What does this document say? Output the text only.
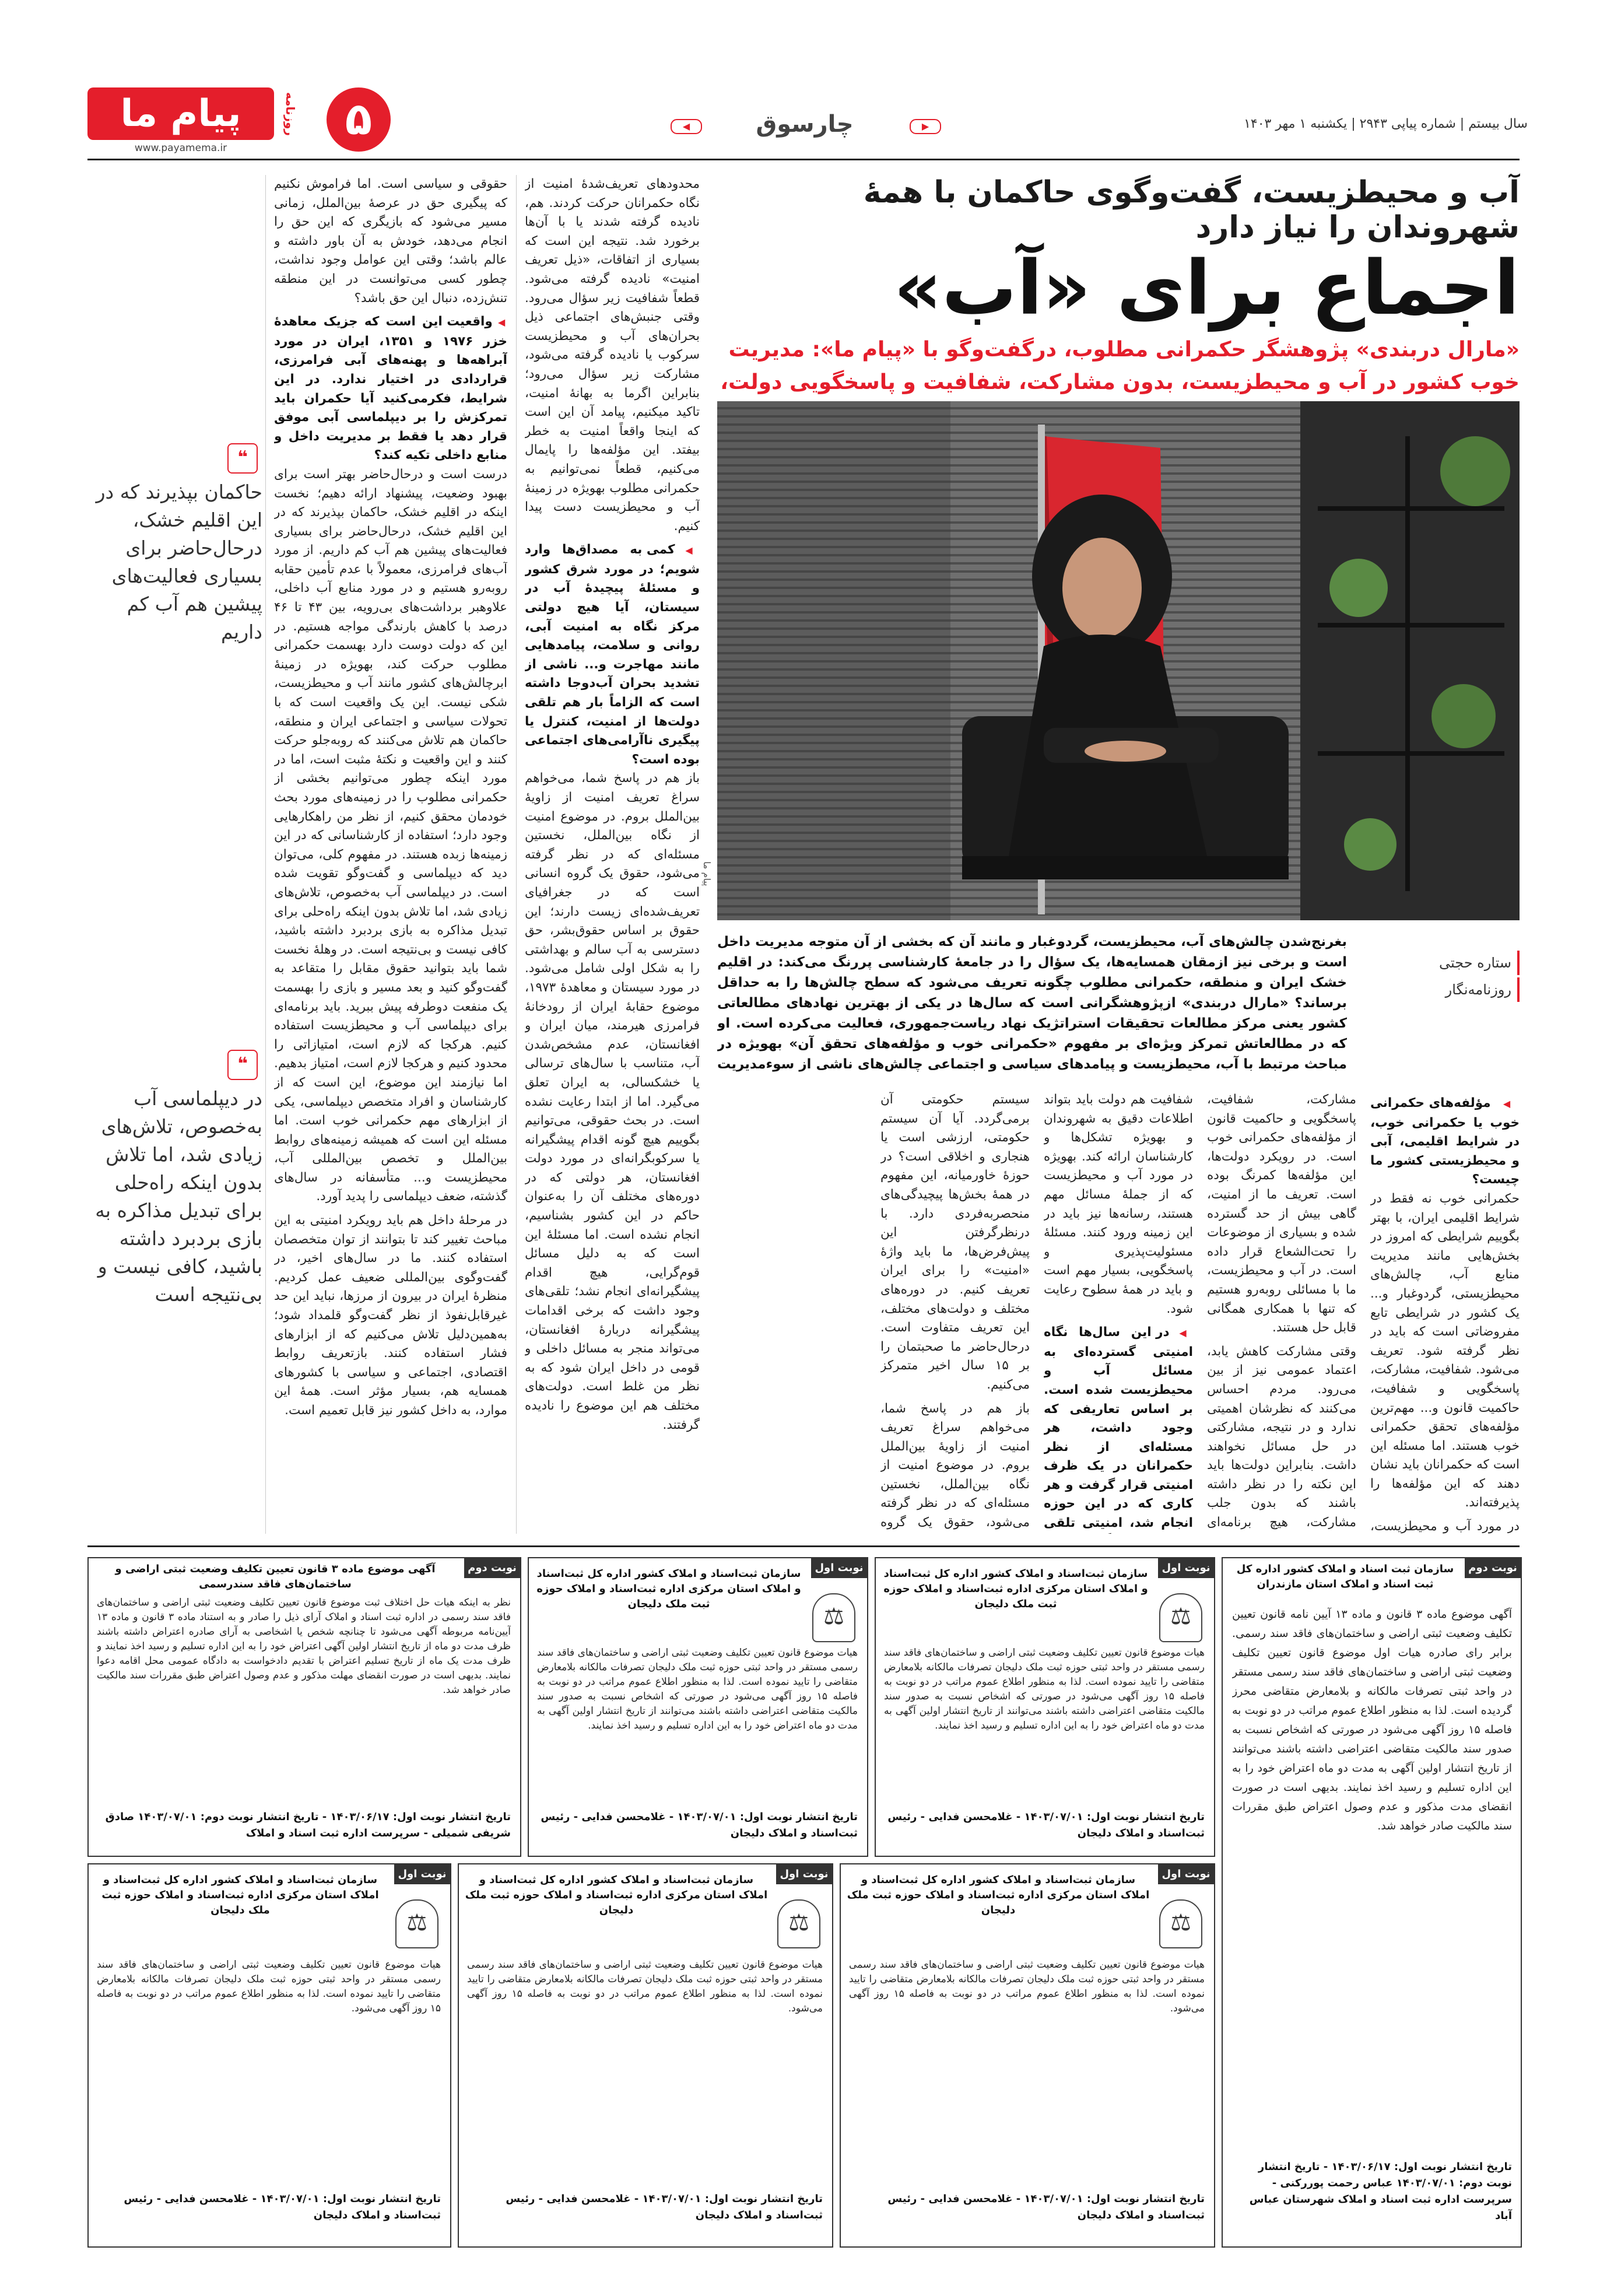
پیام ما	روزنامه
www.payamema.ir
۵	◀	چارسوق	▶	سال بیستم | شماره پیاپی ۲۹۴۳ | یکشنبه ۱ مهر ۱۴۰۳
آب و محیطزیست، گفت‌وگوی حاکمان با همهٔ شهروندان را نیاز دارد
اجماع برای «آب»
«مارال دربندی» پژوهشگر حکمرانی مطلوب، درگفت‌وگو با «پیام ما»: مدیریت خوب کشور در آب و محیطزیست، بدون مشارکت، شفافیت و پاسخگویی دولت،
پیام ما
بغرنج‌شدن چالش‌های آب، محیطزیست، گردوغبار و مانند آن که بخشی از آن متوجه مدیریت داخل است و برخی نیز ازمقان همسایه‌ها، یک سؤال را در جامعهٔ کارشناسی پررنگ می‌کند: در اقلیم خشک ایران و منطقه، حکمرانی مطلوب چگونه تعریف می‌شود که سطح چالش‌ها را به حداقل برساند؟ «مارال دربندی» ازپژوهشگرانی است که سال‌ها در یکی از بهترین نهادهای مطالعاتی کشور یعنی مرکز مطالعات تحقیقات استراتژیک نهاد ریاست‌جمهوری، فعالیت می‌کرده است. او که در مطالعاتش تمرکز ویژه‌ای بر مفهوم «حکمرانی خوب و مؤلفه‌های تحقق آن» بهویژه در مباحث مرتبط با آب، محیطزیست و پیامدهای سیاسی و اجتماعی چالش‌های ناشی از سوءمدیریت
ستاره حجتی
روزنامه‌نگار
◀ مؤلفه‌های حکمرانی خوب یا حکمرانی خوب، در شرایط اقلیمی، آبی و محیطزیستی کشور ما چیست؟

حکمرانی خوب نه فقط در شرایط اقلیمی ایران، با بهتر بگوییم شرایطی که امروز در بخش‌هایی مانند مدیریت منابع آب، چالش‌های محیطزیستی، گردوغبار و... یک کشور در شرایطی تابع مفروضاتی است که باید در نظر گرفته شود. تعریف می‌شود. شفافیت، مشارکت، پاسخگویی و شفافیت، حاکمیت قانون و... مهم‌ترین مؤلفه‌های تحقق حکمرانی خوب هستند. اما مسئله این است که حکمرانان باید نشان دهند که این مؤلفه‌ها را پذیرفته‌اند.

در مورد آب و محیطزیست،

مشارکت، شفافیت، پاسخگویی و حاکمیت قانون از مؤلفه‌های حکمرانی خوب است. در رویکرد دولت‌ها، این مؤلفه‌ها کمرنگ بوده است. تعریف ما از امنیت، گاهی بیش از حد گسترده شده و بسیاری از موضوعات را تحت‌الشعاع قرار داده است. در آب و محیطزیست، ما با مسائلی روبه‌رو هستیم که تنها با همکاری همگانی قابل حل هستند.

وقتی مشارکت کاهش یابد، اعتماد عمومی نیز از بین می‌رود. مردم احساس می‌کنند که نظرشان اهمیتی ندارد و در نتیجه، مشارکتی در حل مسائل نخواهند داشت. بنابراین دولت‌ها باید این نکته را در نظر داشته باشند که بدون جلب مشارکت، هیچ برنامه‌ای

شفافیت هم دولت باید بتواند اطلاعات دقیق به شهروندان و بهویژه تشکل‌ها و کارشناسان ارائه کند. بهویژه در مورد آب و محیطزیست که از جملهٔ مسائل مهم هستند، رسانه‌ها نیز باید در این زمینه ورود کنند. مسئلهٔ مسئولیت‌پذیری و پاسخگویی، بسیار مهم است و باید در همهٔ سطوح رعایت شود.

◀ در این سال‌ها نگاه امنیتی گسترده‌ای به مسائل آب و محیطزیست شده است. بر اساس تعاریفی که وجود داشت، هر مسئله‌ای از نظر حکمرانان در یک ظرف امنیتی قرار گرفت و هر کاری که در این حوزه انجام شد، امنیتی تلقی

سیستم حکومتی آن برمی‌گردد. آیا آن سیستم حکومتی، ارزشی است یا هنجاری و اخلاقی است؟ در حوزهٔ خاورمیانه، این مفهوم در همهٔ بخش‌ها پیچیدگی‌های منحصربه‌فردی دارد. با درنظرگرفتن این پیش‌فرض‌ها، ما باید واژهٔ «امنیت» را برای ایران تعریف کنیم. در دوره‌های مختلف و دولت‌های مختلف، این تعریف متفاوت است. درحال‌حاضر ما صحبتمان را بر ۱۵ سال اخیر متمرکز می‌کنیم.

باز هم در پاسخ شما، می‌خواهم سراغ تعریف امنیت از زاویهٔ بین‌الملل بروم. در موضوع امنیت از نگاه بین‌الملل، نخستین مسئله‌ای که در نظر گرفته می‌شود، حقوق یک گروه

محدودهای تعریف‌شدهٔ امنیت از نگاه حکمرانان حرکت کردند. هم، نادیده گرفته شدند یا با آن‌ها برخورد شد. نتیجه این است که بسیاری از اتفاقات، «ذیل تعریف امنیت» نادیده گرفته می‌شود. قطعاً شفافیت زیر سؤال می‌رود. وقتی جنبش‌های اجتماعی ذیل بحران‌های آب و محیطزیست سرکوب یا نادیده گرفته می‌شود، مشارکت زیر سؤال می‌رود؛ بنابراین اگرما به بهانهٔ امنیت، تاکید میکنیم، پیامد آن این است که اینجا واقعاً امنیت به خطر بیفتد. این مؤلفه‌ها را پایمال می‌کنیم، قطعاً نمی‌توانیم به حکمرانی مطلوب بهویژه در زمینهٔ آب و محیطزیست دست پیدا کنیم.

◀ کمی به مصداق‌ها وارد شویم؛ در مورد شرق کشور و مسئلهٔ پیچیدهٔ آب در سیستان، آیا هیچ دولتی مرکز نگاه به امنیت آبی، روانی و سلامت، پیامدهایی مانند مهاجرت و... ناشی از تشدید بحران آب‌دوجا داشته است که الزاماً بار هم تلقی دولت‌ها از امنیت، کنترل یا پیگیری ناآرامی‌های اجتماعی بوده است؟

باز هم در پاسخ شما، می‌خواهم سراغ تعریف امنیت از زاویهٔ بین‌الملل بروم. در موضوع امنیت از نگاه بین‌الملل، نخستین مسئله‌ای که در نظر گرفته می‌شود، حقوق یک گروه انسانی است که در جغرافیای تعریف‌شده‌ای زیست دارند؛ این حقوق بر اساس حقوق‌بشر، حق دسترسی به آب سالم و بهداشتی را به شکل اولی شامل می‌شود. در مورد سیستان و معاهدهٔ ۱۹۷۳، موضوع حقابهٔ ایران از رودخانهٔ فرامرزی هیرمند، میان ایران و افغانستان، عدم مشخص‌شدن آب، متناسب با سال‌های ترسالی یا خشکسالی، به ایران تعلق می‌گیرد. اما از ابتدا رعایت نشده است. در بحث حقوقی، می‌توانیم بگوییم هیچ گونه اقدام پیشگیرانه یا سرکوبگرانه‌ای در مورد دولت افغانستان، هر دولتی که در دوره‌های مختلف آن را به‌عنوان حاکم در این کشور بشناسیم، انجام نشده است. اما مسئلهٔ این است که به دلیل مسائل قوم‌گرایی، هیچ اقدام پیشگیرانه‌ای انجام نشد؛ تلقی‌های وجود داشت که برخی اقدامات پیشگیرانه دربارهٔ افغانستان، می‌تواند منجر به مسائل داخلی و قومی در داخل ایران شود که به نظر من غلط است. دولت‌های مختلف هم این موضوع را نادیده گرفتند.

حقوقی و سیاسی است. اما فراموش نکنیم که پیگیری حق در عرصهٔ بین‌الملل، زمانی مسیر می‌شود که بازیگری که این حق را انجام می‌دهد، خودش به آن باور داشته و عالم باشد؛ وقتی این عوامل وجود نداشت، چطور کسی می‌توانست در این منطقه تنش‌زده، دنبال این حق باشد؟

◀ واقعیت این است که جزیک معاهدهٔ خزر ۱۹۷۶ و ۱۳۵۱، ایران در مورد آبراهه‌ها و پهنه‌های آبی فرامرزی، قراردادی در اختیار ندارد. در این شرایط، فکرمی‌کنید آیا حکمران باید تمرکزش را بر دیپلماسی آبی موفق قرار دهد یا فقط بر مدیریت داخل و منابع داخلی تکیه کند؟

درست است و درحال‌حاضر بهتر است برای بهبود وضعیت، پیشنهاد ارائه دهیم؛ نخست اینکه در اقلیم خشک، حاکمان بپذیرند که در این اقلیم خشک، درحال‌حاضر برای بسیاری فعالیت‌های پیشین هم آب کم داریم. از مورد آب‌های فرامرزی، معمولاً با عدم تأمین حقابه روبه‌رو هستیم و در مورد منابع آب داخلی، علاوهبر برداشت‌های بی‌رویه، بین ۴۳ تا ۴۶ درصد با کاهش بارندگی مواجه هستیم. در این که دولت دوست دارد بهسمت حکمرانی مطلوب حرکت کند، بهویژه در زمینهٔ ابرچالش‌های کشور مانند آب و محیطزیست، شکی نیست. این یک واقعیت است که با تحولات سیاسی و اجتماعی ایران و منطقه، حاکمان هم تلاش می‌کنند که روبه‌جلو حرکت کنند و این واقعیت و نکتهٔ مثبت است، اما در مورد اینکه چطور می‌توانیم بخشی از حکمرانی مطلوب را در زمینه‌های مورد بحث خودمان محقق کنیم، از نظر من راهکارهایی وجود دارد؛ استفاده از کارشناسانی که در این زمینه‌ها زبده هستند. در مفهوم کلی، می‌توان دید که دیپلماسی و گفت‌وگو تقویت شده است. در دیپلماسی آب به‌خصوص، تلاش‌های زیادی شد، اما تلاش بدون اینکه راه‌حلی برای تبدیل مذاکره به بازی بردبرد داشته باشید، کافی نیست و بی‌نتیجه است. در وهلهٔ نخست شما باید بتوانید حقوق مقابل را متقاعد به گفت‌وگو کنید و بعد مسیر و بازی را بهسمت یک منفعت دوطرفه پیش ببرید. باید برنامه‌ای برای دیپلماسی آب و محیطزیست استفاده کنیم. هرکجا که لازم است، امتیازاتی را محدود کنیم و هرکجا لازم است، امتیاز بدهیم. اما نیازمند این موضوع، این است که از کارشناسان و افراد متخصص دیپلماسی، یکی از ابزارهای مهم حکمرانی خوب است. اما مسئله این است که همیشه زمینه‌های روابط بین‌الملل و تخصص بین‌المللی آب، محیطزیست و... متأسفانه در سال‌های گذشته، ضعف دیپلماسی را پدید آورد.

در مرحلهٔ داخل هم باید رویکرد امنیتی به این مباحث تغییر کند تا بتوانند از توان متخصصان استفاده کنند. ما در سال‌های اخیر، در گفت‌وگوی بین‌المللی ضعیف عمل کردیم. منظرهٔ ایران در بیرون از مرزها، نباید این حد غیرقابل‌نفوذ از نظر گفت‌وگو قلمداد شود؛ به‌همین‌دلیل تلاش می‌کنیم که از ابزارهای فشار استفاده کنند. بازتعریف روابط اقتصادی، اجتماعی و سیاسی با کشورهای همسایه هم، بسیار مؤثر است. همهٔ این موارد، به داخل کشور نیز قابل تعمیم است.

❝
حاکمان بپذیرند که در این اقلیم خشک، درحال‌حاضر برای بسیاری فعالیت‌های پیشین هم آب کم داریم
❝
در دیپلماسی آب به‌خصوص، تلاش‌های زیادی شد، اما تلاش بدون اینکه راه‌حلی برای تبدیل مذاکره به بازی بردبرد داشته باشید، کافی نیست و بی‌نتیجه است
نوبت دوم
آگهی موضوع ماده ۳ قانون تعیین تکلیف وضعیت ثبتی اراضی و ساختمان‌های فاقد سندرسمی
نظر به اینکه هیات حل اختلاف ثبت موضوع قانون تعیین تکلیف وضعیت ثبتی اراضی و ساختمان‌های فاقد سند رسمی در اداره ثبت اسناد و املاک آرای ذیل را صادر و به استناد ماده ۳ قانون و ماده ۱۳ آیین‌نامه مربوطه آگهی می‌شود تا چنانچه شخص یا اشخاصی به آرای صادره اعتراض داشته باشند ظرف مدت دو ماه از تاریخ انتشار اولین آگهی اعتراض خود را به این اداره تسلیم و رسید اخذ نمایند و ظرف مدت یک ماه از تاریخ تسلیم اعتراض با تقدیم دادخواست به دادگاه عمومی محل اقامه دعوا نمایند. بدیهی است در صورت انقضای مهلت مذکور و عدم وصول اعتراض طبق مقررات سند مالکیت صادر خواهد شد.
تاریخ انتشار نوبت اول: ۱۴۰۳/۰۶/۱۷ - تاریخ انتشار نوبت دوم: ۱۴۰۳/۰۷/۰۱ صادق شریفی شمیلی - سرپرست اداره ثبت اسناد و املاک
نوبت اول
⚖
سازمان ثبت‌اسناد و املاک کشور اداره کل ثبت‌اسناد و املاک استان مرکزی اداره ثبت‌اسناد و املاک حوزه ثبت ملک دلیجان
هیات موضوع قانون تعیین تکلیف وضعیت ثبتی اراضی و ساختمان‌های فاقد سند رسمی مستقر در واحد ثبتی حوزه ثبت ملک دلیجان تصرفات مالکانه بلامعارض متقاضی را تایید نموده است. لذا به منظور اطلاع عموم مراتب در دو نوبت به فاصله ۱۵ روز آگهی می‌شود در صورتی که اشخاص نسبت به صدور سند مالکیت متقاضی اعتراضی داشته باشند می‌توانند از تاریخ انتشار اولین آگهی به مدت دو ماه اعتراض خود را به این اداره تسلیم و رسید اخذ نمایند.
تاریخ انتشار نوبت اول: ۱۴۰۳/۰۷/۰۱ - غلامحسن فدایی - رئیس ثبت‌اسناد و املاک دلیجان
نوبت اول
⚖
سازمان ثبت‌اسناد و املاک کشور اداره کل ثبت‌اسناد و املاک استان مرکزی اداره ثبت‌اسناد و املاک حوزه ثبت ملک دلیجان
هیات موضوع قانون تعیین تکلیف وضعیت ثبتی اراضی و ساختمان‌های فاقد سند رسمی مستقر در واحد ثبتی حوزه ثبت ملک دلیجان تصرفات مالکانه بلامعارض متقاضی را تایید نموده است. لذا به منظور اطلاع عموم مراتب در دو نوبت به فاصله ۱۵ روز آگهی می‌شود در صورتی که اشخاص نسبت به صدور سند مالکیت متقاضی اعتراضی داشته باشند می‌توانند از تاریخ انتشار اولین آگهی به مدت دو ماه اعتراض خود را به این اداره تسلیم و رسید اخذ نمایند.
تاریخ انتشار نوبت اول: ۱۴۰۳/۰۷/۰۱ - غلامحسن فدایی - رئیس ثبت‌اسناد و املاک دلیجان
نوبت دوم
سازمان ثبت اسناد و املاک کشور اداره کل ثبت اسناد و املاک استان مازندران
آگهی موضوع ماده ۳ قانون و ماده ۱۳ آیین نامه قانون تعیین تکلیف وضعیت ثبتی اراضی و ساختمان‌های فاقد سند رسمی. برابر رای صادره هیات اول موضوع قانون تعیین تکلیف وضعیت ثبتی اراضی و ساختمان‌های فاقد سند رسمی مستقر در واحد ثبتی تصرفات مالکانه و بلامعارض متقاضی محرز گردیده است. لذا به منظور اطلاع عموم مراتب در دو نوبت به فاصله ۱۵ روز آگهی می‌شود در صورتی که اشخاص نسبت به صدور سند مالکیت متقاضی اعتراضی داشته باشند می‌توانند از تاریخ انتشار اولین آگهی به مدت دو ماه اعتراض خود را به این اداره تسلیم و رسید اخذ نمایند. بدیهی است در صورت انقضای مدت مذکور و عدم وصول اعتراض طبق مقررات سند مالکیت صادر خواهد شد.
تاریخ انتشار نوبت اول: ۱۴۰۳/۰۶/۱۷ - تاریخ انتشار نوبت دوم: ۱۴۰۳/۰۷/۰۱ عباس رحمت پوررکنی - سرپرست اداره ثبت اسناد و املاک شهرستان عباس آباد
نوبت اول
⚖
سازمان ثبت‌اسناد و املاک کشور اداره کل ثبت‌اسناد و املاک استان مرکزی اداره ثبت‌اسناد و املاک حوزه ثبت ملک دلیجان
هیات موضوع قانون تعیین تکلیف وضعیت ثبتی اراضی و ساختمان‌های فاقد سند رسمی مستقر در واحد ثبتی حوزه ثبت ملک دلیجان تصرفات مالکانه بلامعارض متقاضی را تایید نموده است. لذا به منظور اطلاع عموم مراتب در دو نوبت به فاصله ۱۵ روز آگهی می‌شود.
تاریخ انتشار نوبت اول: ۱۴۰۳/۰۷/۰۱ - غلامحسن فدایی - رئیس ثبت‌اسناد و املاک دلیجان
نوبت اول
⚖
سازمان ثبت‌اسناد و املاک کشور اداره کل ثبت‌اسناد و املاک استان مرکزی اداره ثبت‌اسناد و املاک حوزه ثبت ملک دلیجان
هیات موضوع قانون تعیین تکلیف وضعیت ثبتی اراضی و ساختمان‌های فاقد سند رسمی مستقر در واحد ثبتی حوزه ثبت ملک دلیجان تصرفات مالکانه بلامعارض متقاضی را تایید نموده است. لذا به منظور اطلاع عموم مراتب در دو نوبت به فاصله ۱۵ روز آگهی می‌شود.
تاریخ انتشار نوبت اول: ۱۴۰۳/۰۷/۰۱ - غلامحسن فدایی - رئیس ثبت‌اسناد و املاک دلیجان
نوبت اول
⚖
سازمان ثبت‌اسناد و املاک کشور اداره کل ثبت‌اسناد و املاک استان مرکزی اداره ثبت‌اسناد و املاک حوزه ثبت ملک دلیجان
هیات موضوع قانون تعیین تکلیف وضعیت ثبتی اراضی و ساختمان‌های فاقد سند رسمی مستقر در واحد ثبتی حوزه ثبت ملک دلیجان تصرفات مالکانه بلامعارض متقاضی را تایید نموده است. لذا به منظور اطلاع عموم مراتب در دو نوبت به فاصله ۱۵ روز آگهی می‌شود.
تاریخ انتشار نوبت اول: ۱۴۰۳/۰۷/۰۱ - غلامحسن فدایی - رئیس ثبت‌اسناد و املاک دلیجان
